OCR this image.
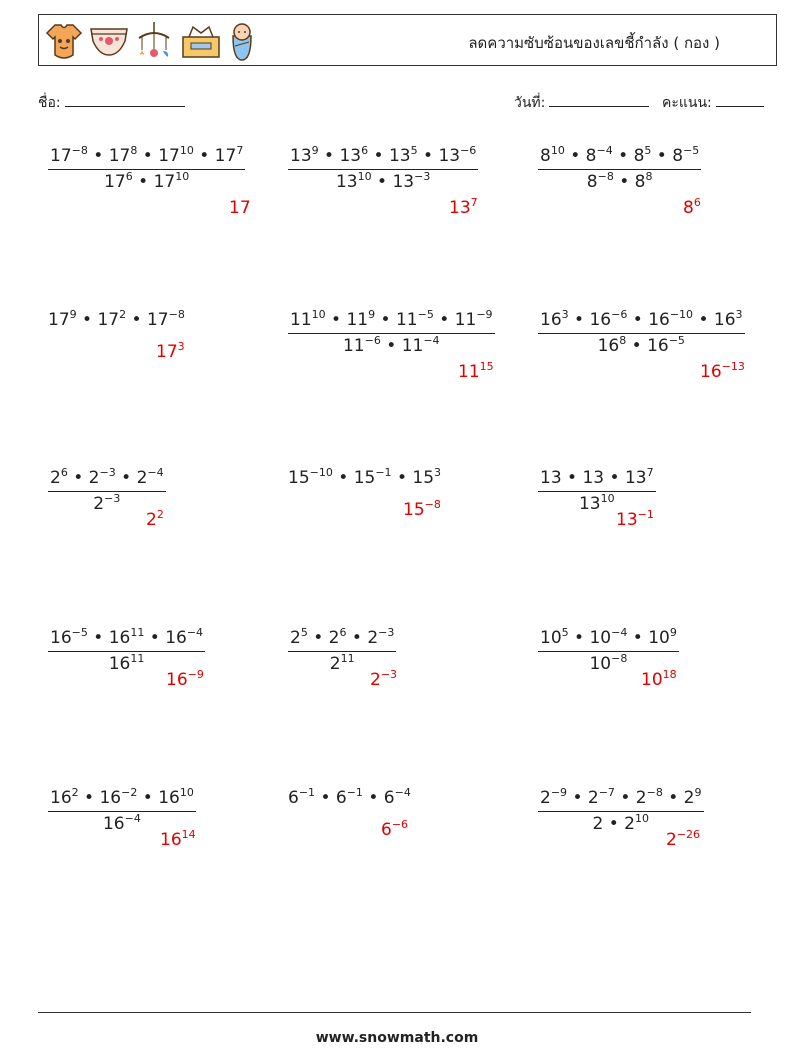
ลดความซับซ้อนของเลขชี้กำลัง ( กอง )
ชื่อ:	วันที่:	คะแนน:
$\frac{17^{-8} • 17^8 • 17^{10} • 17^7}{17^6 • 17^{10}}$
17
$\frac{13^9 • 13^6 • 13^5 • 13^{-6}}{13^{10} • 13^{-3}}$
$13^7$
$\frac{8^{10} • 8^{-4} • 8^5 • 8^{-5}}{8^{-8} • 8^8}$
$8^6$
$17^9$ • $17^2$ • $17^{-8}$
$17^3$	$\frac{11^{10} • 11^9 • 11^{-5} • 11^{-9}}{11^{-6} • 11^{-4}}$
$11^{15}$
$\frac{16^3 • 16^{-6} • 16^{-10} • 16^3}{16^8 • 16^{-5}}$
$16^{-13}$
$\frac{2^6 • 2^{-3} • 2^{-4}}{2^{-3}}$
$2^2$
$15^{-10}$ • $15^{-1}$ • $15^3$
$15^{-8}$	$\frac{13 • 13 • 13^7}{13^{10}}$
$13^{-1}$
$\frac{16^{-5} • 16^{11} • 16^{-4}}{16^{11}}$
$16^{-9}$
$\frac{2^5 • 2^6 • 2^{-3}}{2^{11}}$
$2^{-3}$
$\frac{10^5 • 10^{-4} • 10^9}{10^{-8}}$
$10^{18}$
$\frac{16^2 • 16^{-2} • 16^{10}}{16^{-4}}$
$16^{14}$
$6^{-1}$ • $6^{-1}$ • $6^{-4}$
$6^{-6}$	$\frac{2^{-9} • 2^{-7} • 2^{-8} • 2^9}{2 • 2^{10}}$
$2^{-26}$
www.snowmath.com
